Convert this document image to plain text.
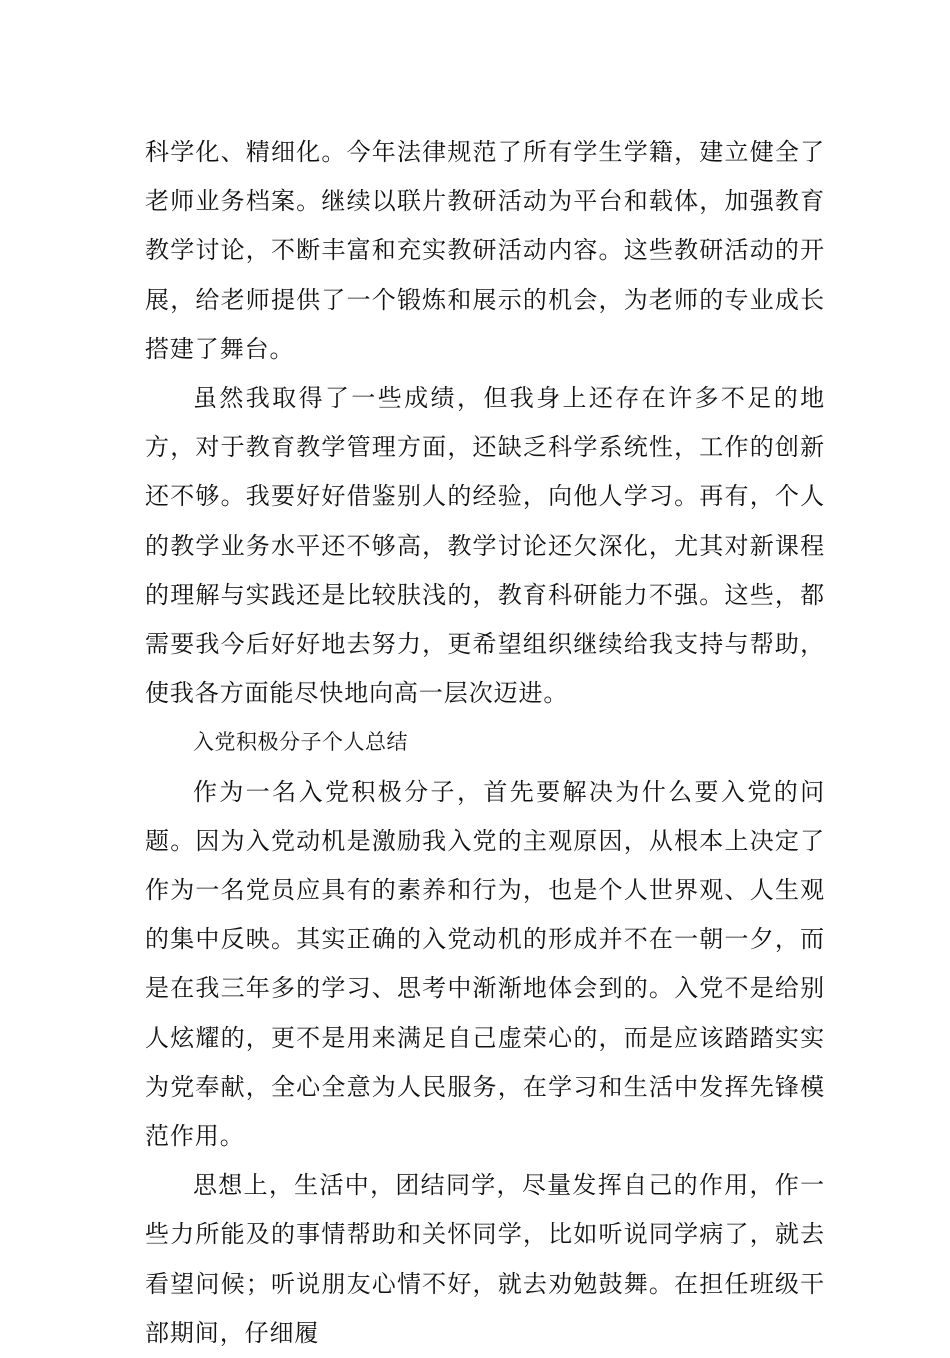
科学化、精细化。今年法律规范了所有学生学籍，建立健全了老师业务档案。继续以联片教研活动为平台和载体，加强教育教学讨论，不断丰富和充实教研活动内容。这些教研活动的开展，给老师提供了一个锻炼和展示的机会，为老师的专业成长搭建了舞台。

虽然我取得了一些成绩，但我身上还存在许多不足的地方，对于教育教学管理方面，还缺乏科学系统性，工作的创新还不够。我要好好借鉴别人的经验，向他人学习。再有，个人的教学业务水平还不够高，教学讨论还欠深化，尤其对新课程的理解与实践还是比较肤浅的，教育科研能力不强。这些，都需要我今后好好地去努力，更希望组织继续给我支持与帮助，使我各方面能尽快地向高一层次迈进。

入党积极分子个人总结

作为一名入党积极分子，首先要解决为什么要入党的问题。因为入党动机是激励我入党的主观原因，从根本上决定了作为一名党员应具有的素养和行为，也是个人世界观、人生观的集中反映。其实正确的入党动机的形成并不在一朝一夕，而是在我三年多的学习、思考中渐渐地体会到的。入党不是给别人炫耀的，更不是用来满足自己虚荣心的，而是应该踏踏实实为党奉献，全心全意为人民服务，在学习和生活中发挥先锋模范作用。

思想上，生活中，团结同学，尽量发挥自己的作用，作一些力所能及的事情帮助和关怀同学，比如听说同学病了，就去看望问候；听说朋友心情不好，就去劝勉鼓舞。在担任班级干部期间，仔细履
